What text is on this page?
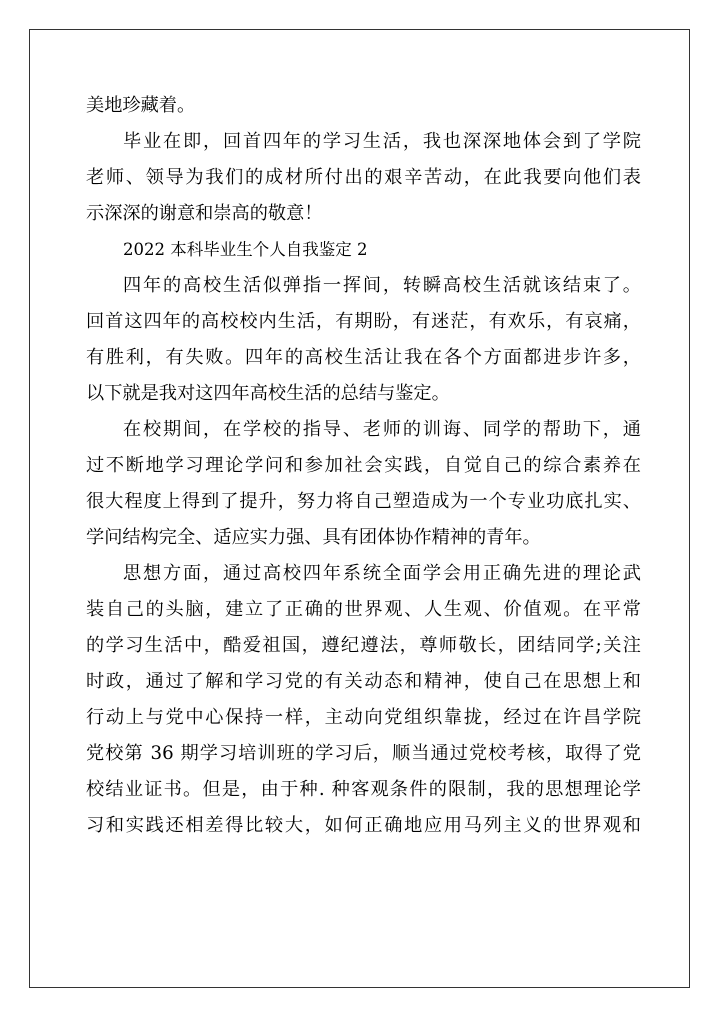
美地珍藏着。
毕业在即，回首四年的学习生活，我也深深地体会到了学院
老师、领导为我们的成材所付出的艰辛苦动，在此我要向他们表
示深深的谢意和崇高的敬意！
2022 本科毕业生个人自我鉴定 2
四年的高校生活似弹指一挥间，转瞬高校生活就该结束了。
回首这四年的高校校内生活，有期盼，有迷茫，有欢乐，有哀痛，
有胜利，有失败。四年的高校生活让我在各个方面都进步许多，
以下就是我对这四年高校生活的总结与鉴定。
在校期间，在学校的指导、老师的训诲、同学的帮助下，通
过不断地学习理论学问和参加社会实践，自觉自己的综合素养在
很大程度上得到了提升，努力将自己塑造成为一个专业功底扎实、
学问结构完全、适应实力强、具有团体协作精神的青年。
思想方面，通过高校四年系统全面学会用正确先进的理论武
装自己的头脑，建立了正确的世界观、人生观、价值观。在平常
的学习生活中，酷爱祖国，遵纪遵法，尊师敬长，团结同学;关注
时政，通过了解和学习党的有关动态和精神，使自己在思想上和
行动上与党中心保持一样，主动向党组织靠拢，经过在许昌学院
党校第 36 期学习培训班的学习后，顺当通过党校考核，取得了党
校结业证书。但是，由于种. 种客观条件的限制，我的思想理论学
习和实践还相差得比较大，如何正确地应用马列主义的世界观和
